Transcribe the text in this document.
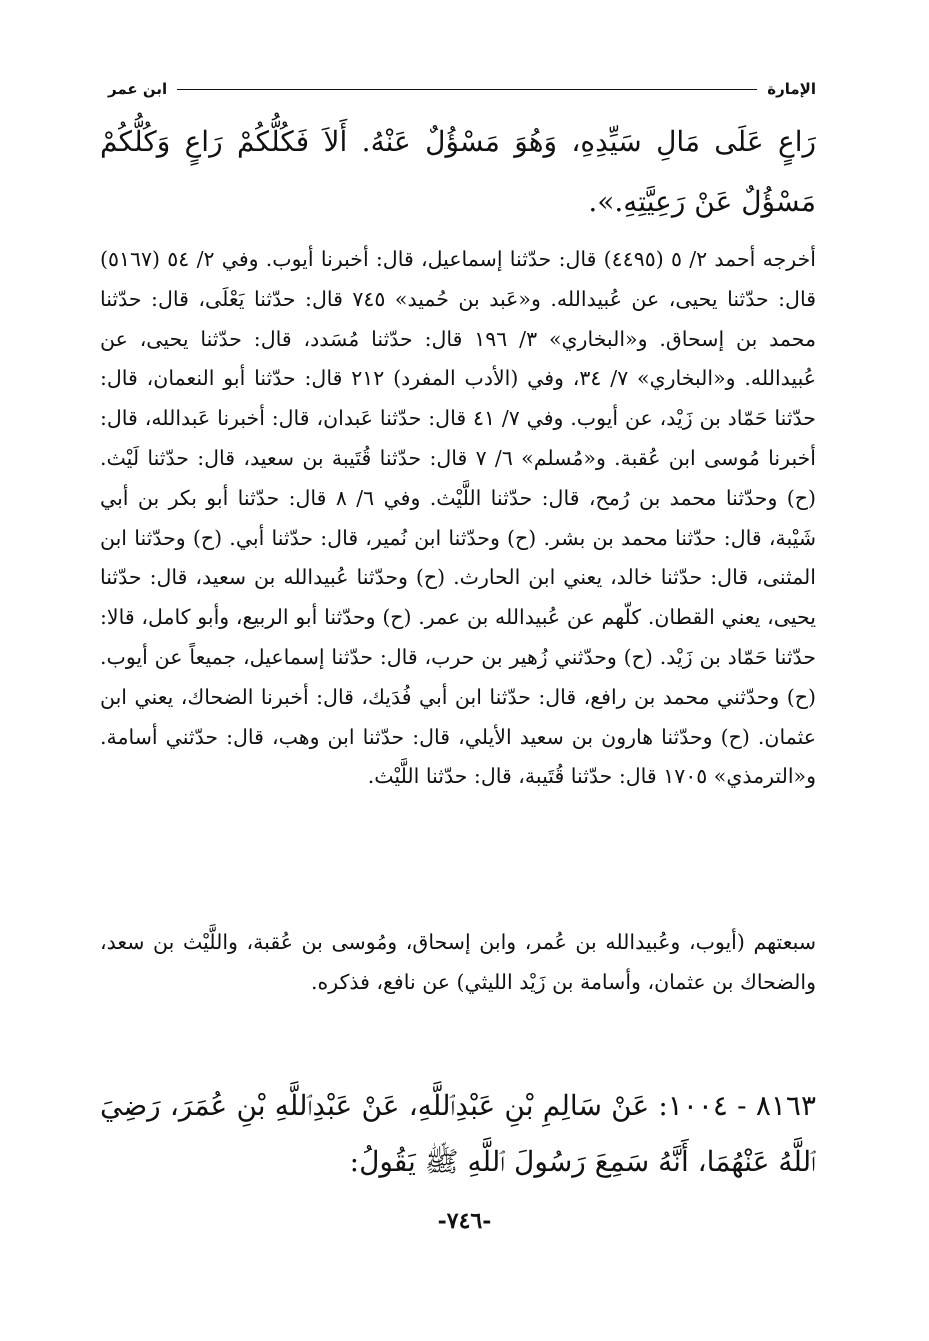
الإمارة
ابن عمر

رَاعٍ عَلَى مَالِ سَيِّدِهِ، وَهُوَ مَسْؤُلٌ عَنْهُ. أَلاَ فَكُلُّكُمْ رَاعٍ وَكُلُّكُمْ مَسْؤُلٌ عَنْ رَعِيَّتِهِ.».

أخرجه أحمد ٢/ ٥ (٤٤٩٥) قال: حدّثنا إسماعيل، قال: أخبرنا أيوب. وفي ٢/ ٥٤ (٥١٦٧) قال: حدّثنا يحيى، عن عُبيدالله. و«عَبد بن حُميد» ٧٤٥ قال: حدّثنا يَعْلَى، قال: حدّثنا محمد بن إسحاق. و«البخاري» ٣/ ١٩٦ قال: حدّثنا مُسَدد، قال: حدّثنا يحيى، عن عُبيدالله. و«البخاري» ٧/ ٣٤، وفي (الأدب المفرد) ٢١٢ قال: حدّثنا أبو النعمان، قال: حدّثنا حَمّاد بن زَيْد، عن أيوب. وفي ٧/ ٤١ قال: حدّثنا عَبدان، قال: أخبرنا عَبدالله، قال: أخبرنا مُوسى ابن عُقبة. و«مُسلم» ٦/ ٧ قال: حدّثنا قُتَيبة بن سعيد، قال: حدّثنا لَيْث. (ح) وحدّثنا محمد بن رُمح، قال: حدّثنا اللَّيْث. وفي ٦/ ٨ قال: حدّثنا أبو بكر بن أبي شَيْبة، قال: حدّثنا محمد بن بشر. (ح) وحدّثنا ابن نُمير، قال: حدّثنا أبي. (ح) وحدّثنا ابن المثنى، قال: حدّثنا خالد، يعني ابن الحارث. (ح) وحدّثنا عُبيدالله بن سعيد، قال: حدّثنا يحيى، يعني القطان. كلّهم عن عُبيدالله بن عمر. (ح) وحدّثنا أبو الربيع، وأبو كامل، قالا: حدّثنا حَمّاد بن زَيْد. (ح) وحدّثني زُهير بن حرب، قال: حدّثنا إسماعيل، جميعاً عن أيوب. (ح) وحدّثني محمد بن رافع، قال: حدّثنا ابن أبي فُدَيك، قال: أخبرنا الضحاك، يعني ابن عثمان. (ح) وحدّثنا هارون بن سعيد الأيلي، قال: حدّثنا ابن وهب، قال: حدّثني أسامة. و«الترمذي» ١٧٠٥ قال: حدّثنا قُتَيبة، قال: حدّثنا اللَّيْث.

سبعتهم (أيوب، وعُبيدالله بن عُمر، وابن إسحاق، ومُوسى بن عُقبة، واللَّيْث بن سعد، والضحاك بن عثمان، وأسامة بن زَيْد الليثي) عن نافع، فذكره.

٨١٦٣ - ١٠٠٤: عَنْ سَالِمِ بْنِ عَبْدِٱللَّهِ، عَنْ عَبْدِٱللَّهِ بْنِ عُمَرَ، رَضِيَ ٱللَّهُ عَنْهُمَا، أَنَّهُ سَمِعَ رَسُولَ ٱللَّهِ ﷺ يَقُولُ:

-٧٤٦-
